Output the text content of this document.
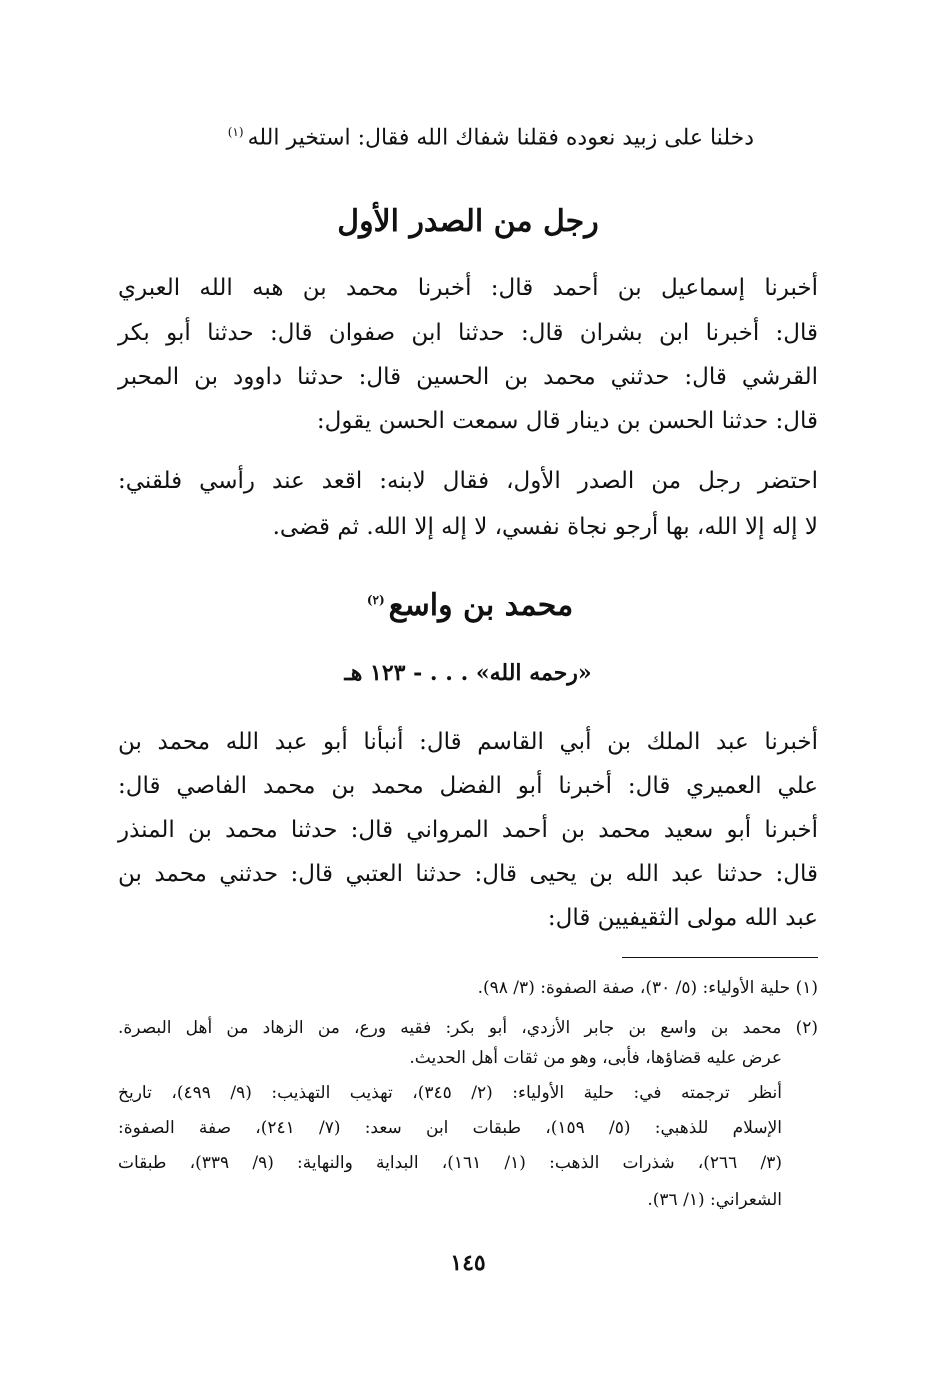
دخلنا على زبيد نعوده فقلنا شفاك الله فقال: استخير الله$^{(١)}$
رجل من الصدر الأول
أخبرنا إسماعيل بن أحمد قال: أخبرنا محمد بن هبه الله العبري
قال: أخبرنا ابن بشران قال: حدثنا ابن صفوان قال: حدثنا أبو بكر
القرشي قال: حدثني محمد بن الحسين قال: حدثنا داوود بن المحبر
قال: حدثنا الحسن بن دينار قال سمعت الحسن يقول:
احتضر رجل من الصدر الأول، فقال لابنه: اقعد عند رأسي فلقني:
لا إله إلا الله، بها أرجو نجاة نفسي، لا إله إلا الله. ثم قضى.
محمد بن واسع$^{(٢)}$
«رحمه الله» . . . - ١٢٣ هـ
أخبرنا عبد الملك بن أبي القاسم قال: أنبأنا أبو عبد الله محمد بن
علي العميري قال: أخبرنا أبو الفضل محمد بن محمد الفاصي قال:
أخبرنا أبو سعيد محمد بن أحمد المرواني قال: حدثنا محمد بن المنذر
قال: حدثنا عبد الله بن يحيى قال: حدثنا العتبي قال: حدثني محمد بن
عبد الله مولى الثقيفيين قال:
(١) حلية الأولياء: (٥/ ٣٠)، صفة الصفوة: (٣/ ٩٨).
(٢) محمد بن واسع بن جابر الأزدي، أبو بكر: فقيه ورع، من الزهاد من أهل البصرة.
عرض عليه قضاؤها، فأبى، وهو من ثقات أهل الحديث.
أنظر ترجمته في: حلية الأولياء: (٢/ ٣٤٥)، تهذيب التهذيب: (٩/ ٤٩٩)، تاريخ
الإسلام للذهبي: (٥/ ١٥٩)، طبقات ابن سعد: (٧/ ٢٤١)، صفة الصفوة:
(٣/ ٢٦٦)، شذرات الذهب: (١/ ١٦١)، البداية والنهاية: (٩/ ٣٣٩)، طبقات
الشعراني: (١/ ٣٦).
١٤٥
